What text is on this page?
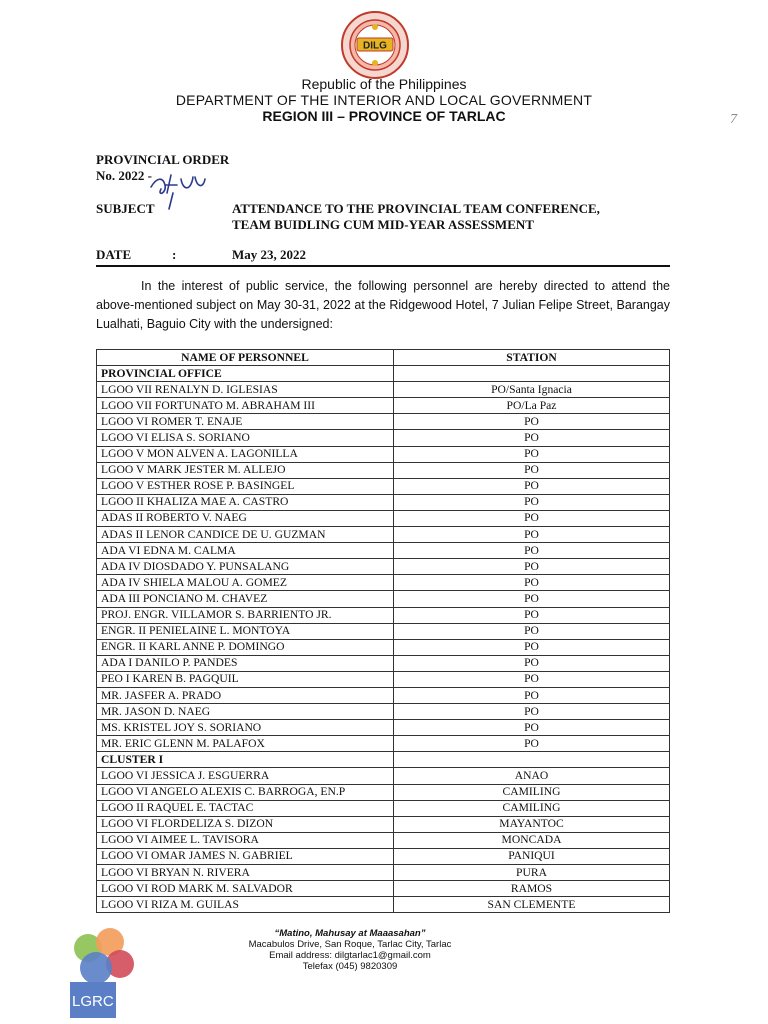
DILG
Republic of the Philippines
DEPARTMENT OF THE INTERIOR AND LOCAL GOVERNMENT
REGION III – PROVINCE OF TARLAC	7
PROVINCIAL ORDER
No. 2022 -
SUBJECT	ATTENDANCE TO THE PROVINCIAL TEAM CONFERENCE,
TEAM BUIDLING CUM MID-YEAR ASSESSMENT
DATE	:	May 23, 2022
In the interest of public service, the following personnel are hereby directed to attend the above-mentioned subject on May 30-31, 2022 at the Ridgewood Hotel, 7 Julian Felipe Street, Barangay Lualhati, Baguio City with the undersigned:
NAME OF PERSONNEL	STATION
PROVINCIAL OFFICE	
LGOO VII RENALYN D. IGLESIAS	PO/Santa Ignacia
LGOO VII FORTUNATO M. ABRAHAM III	PO/La Paz
LGOO VI ROMER T. ENAJE	PO
LGOO VI ELISA S. SORIANO	PO
LGOO V MON ALVEN A. LAGONILLA	PO
LGOO V MARK JESTER M. ALLEJO	PO
LGOO V ESTHER ROSE P. BASINGEL	PO
LGOO II KHALIZA MAE A. CASTRO	PO
ADAS II ROBERTO V. NAEG	PO
ADAS II LENOR CANDICE DE U. GUZMAN	PO
ADA VI EDNA M. CALMA	PO
ADA IV DIOSDADO Y. PUNSALANG	PO
ADA IV SHIELA MALOU A. GOMEZ	PO
ADA III PONCIANO M. CHAVEZ	PO
PROJ. ENGR. VILLAMOR S. BARRIENTO JR.	PO
ENGR. II PENIELAINE L. MONTOYA	PO
ENGR. II KARL ANNE P. DOMINGO	PO
ADA I DANILO P. PANDES	PO
PEO I KAREN B. PAGQUIL	PO
MR. JASFER A. PRADO	PO
MR. JASON D. NAEG	PO
MS. KRISTEL JOY S. SORIANO	PO
MR. ERIC GLENN M. PALAFOX	PO
CLUSTER I	
LGOO VI JESSICA J. ESGUERRA	ANAO
LGOO VI ANGELO ALEXIS C. BARROGA, EN.P	CAMILING
LGOO II RAQUEL E. TACTAC	CAMILING
LGOO VI FLORDELIZA S. DIZON	MAYANTOC
LGOO VI AIMEE L. TAVISORA	MONCADA
LGOO VI OMAR JAMES N. GABRIEL	PANIQUI
LGOO VI BRYAN N. RIVERA	PURA
LGOO VI ROD MARK M. SALVADOR	RAMOS
LGOO VI RIZA M. GUILAS	SAN CLEMENTE
LGRC
“Matino, Mahusay at Maaasahan”
Macabulos Drive, San Roque, Tarlac City, Tarlac
Email address: dilgtarlac1@gmail.com
Telefax (045) 9820309
